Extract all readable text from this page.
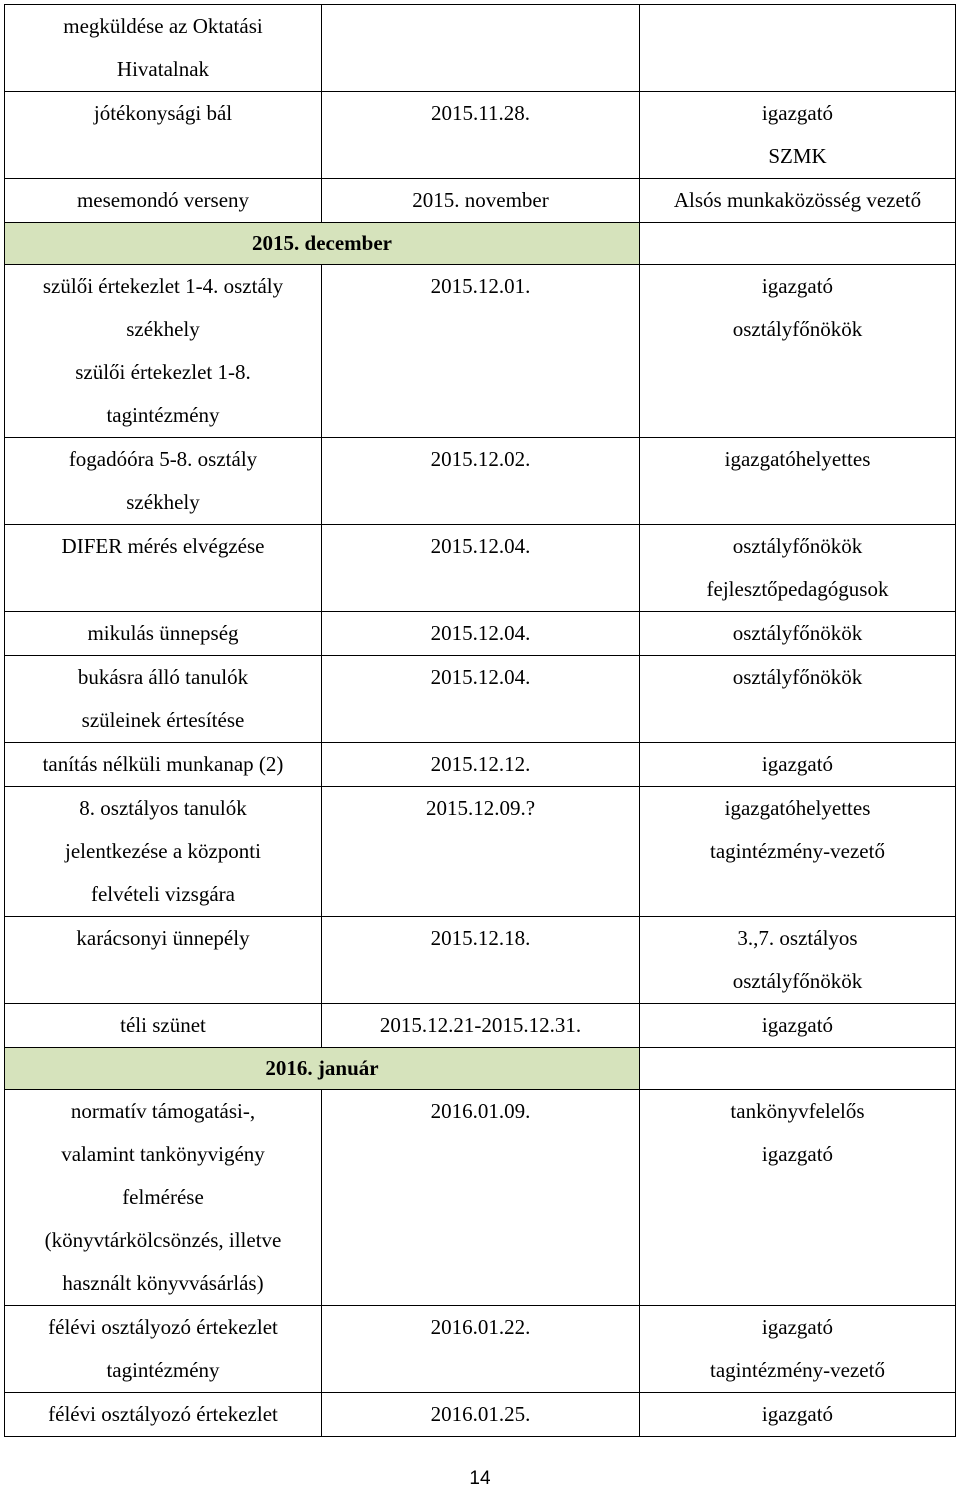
megküldése az Oktatási
Hivatalnak		

jótékonysági bál	2015.11.28.	igazgató
SZMK

mesemondó verseny	2015. november	Alsós munkaközösség vezető

2015. december		

szülői értekezlet 1-4. osztály
székhely
szülői értekezlet 1-8.
tagintézmény	2015.12.01.	igazgató
osztályfőnökök

fogadóóra 5-8. osztály
székhely	2015.12.02.	igazgatóhelyettes

DIFER mérés elvégzése	2015.12.04.	osztályfőnökök
fejlesztőpedagógusok

mikulás ünnepség	2015.12.04.	osztályfőnökök

bukásra álló tanulók
szüleinek értesítése	2015.12.04.	osztályfőnökök

tanítás nélküli munkanap (2)	2015.12.12.	igazgató

8. osztályos tanulók
jelentkezése a központi
felvételi vizsgára	2015.12.09.?	igazgatóhelyettes
tagintézmény-vezető

karácsonyi ünnepély	2015.12.18.	3.,7. osztályos
osztályfőnökök

téli szünet	2015.12.21-2015.12.31.	igazgató

2016. január		

normatív támogatási-,
valamint tankönyvigény
felmérése
(könyvtárkölcsönzés, illetve
használt könyvvásárlás)	2016.01.09.	tankönyvfelelős
igazgató

félévi osztályozó értekezlet
tagintézmény	2016.01.22.	igazgató
tagintézmény-vezető

félévi osztályozó értekezlet	2016.01.25.	igazgató
14
